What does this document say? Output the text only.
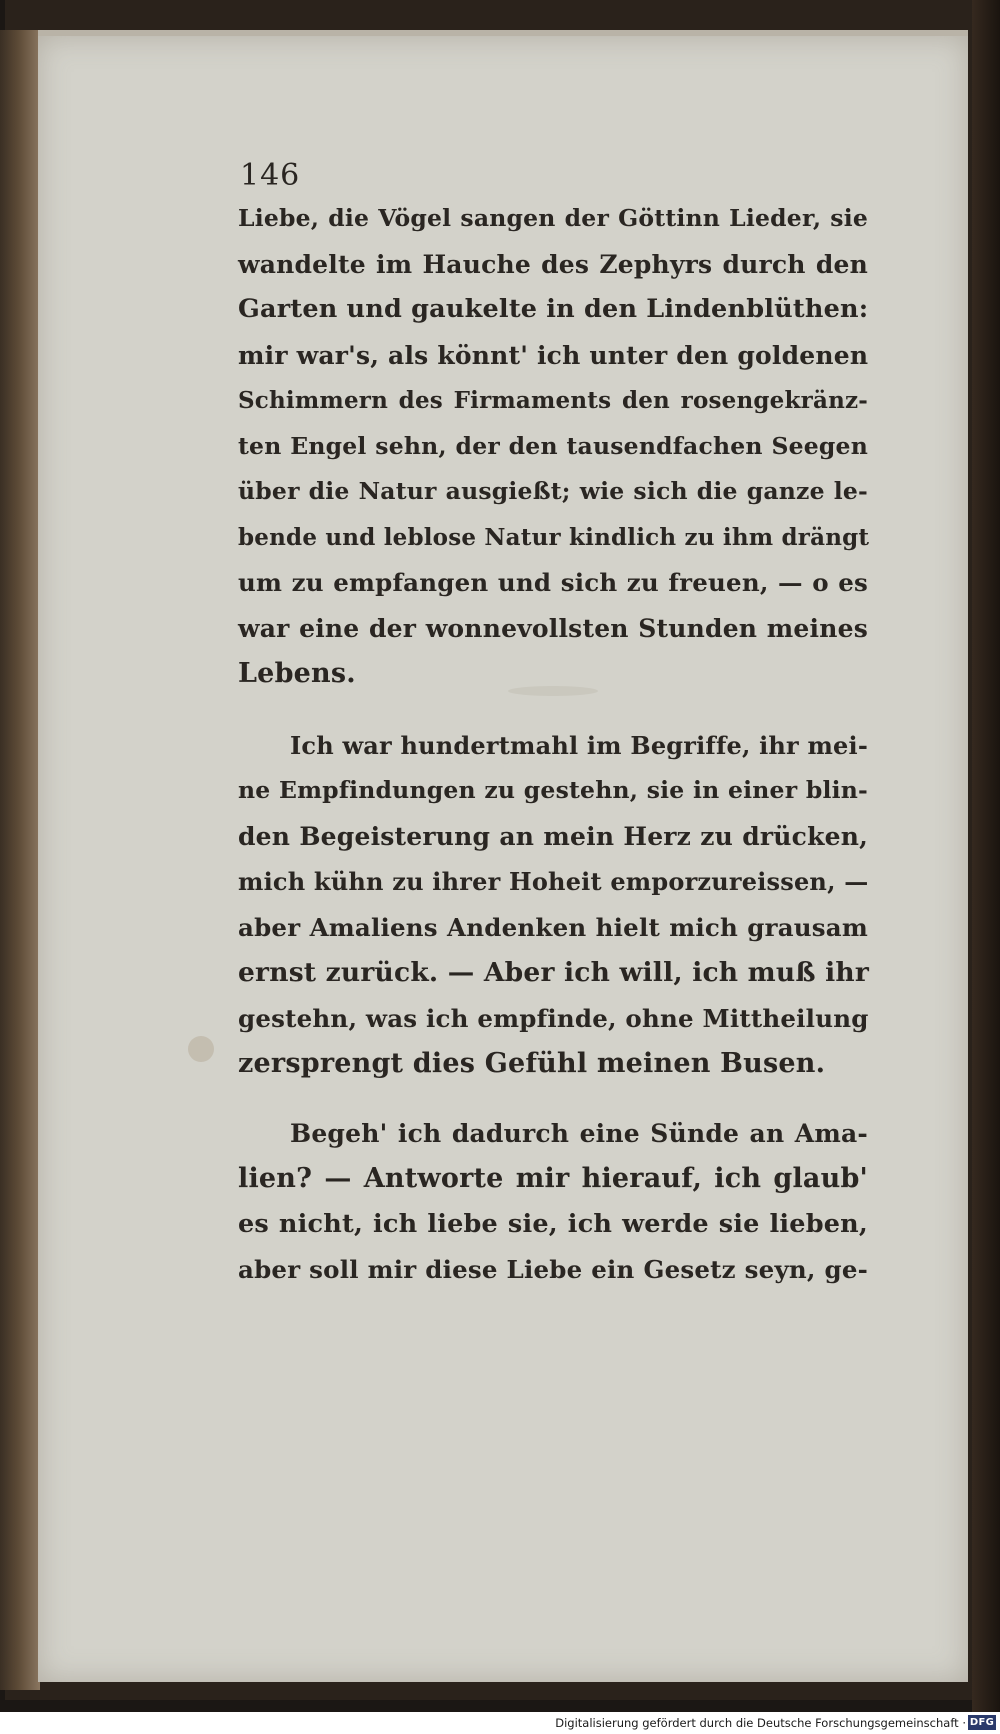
146
Liebe, die Vögel sangen der Göttinn Lieder, sie
wandelte im Hauche des Zephyrs durch den
Garten und gaukelte in den Lindenblüthen:
mir war's, als könnt' ich unter den goldenen
Schimmern des Firmaments den rosengekränz-
ten Engel sehn, der den tausendfachen Seegen
über die Natur ausgießt; wie sich die ganze le-
bende und leblose Natur kindlich zu ihm drängt
um zu empfangen und sich zu freuen, — o es
war eine der wonnevollsten Stunden meines
Lebens.
Ich war hundertmahl im Begriffe, ihr mei-
ne Empfindungen zu gestehn, sie in einer blin-
den Begeisterung an mein Herz zu drücken,
mich kühn zu ihrer Hoheit emporzureissen, —
aber Amaliens Andenken hielt mich grausam
ernst zurück. — Aber ich will, ich muß ihr
gestehn, was ich empfinde, ohne Mittheilung
zersprengt dies Gefühl meinen Busen.
Begeh' ich dadurch eine Sünde an Ama-
lien? — Antworte mir hierauf, ich glaub'
es nicht, ich liebe sie, ich werde sie lieben,
aber soll mir diese Liebe ein Gesetz seyn, ge-
Digitalisierung gefördert durch die Deutsche Forschungsgemeinschaft · DFG
